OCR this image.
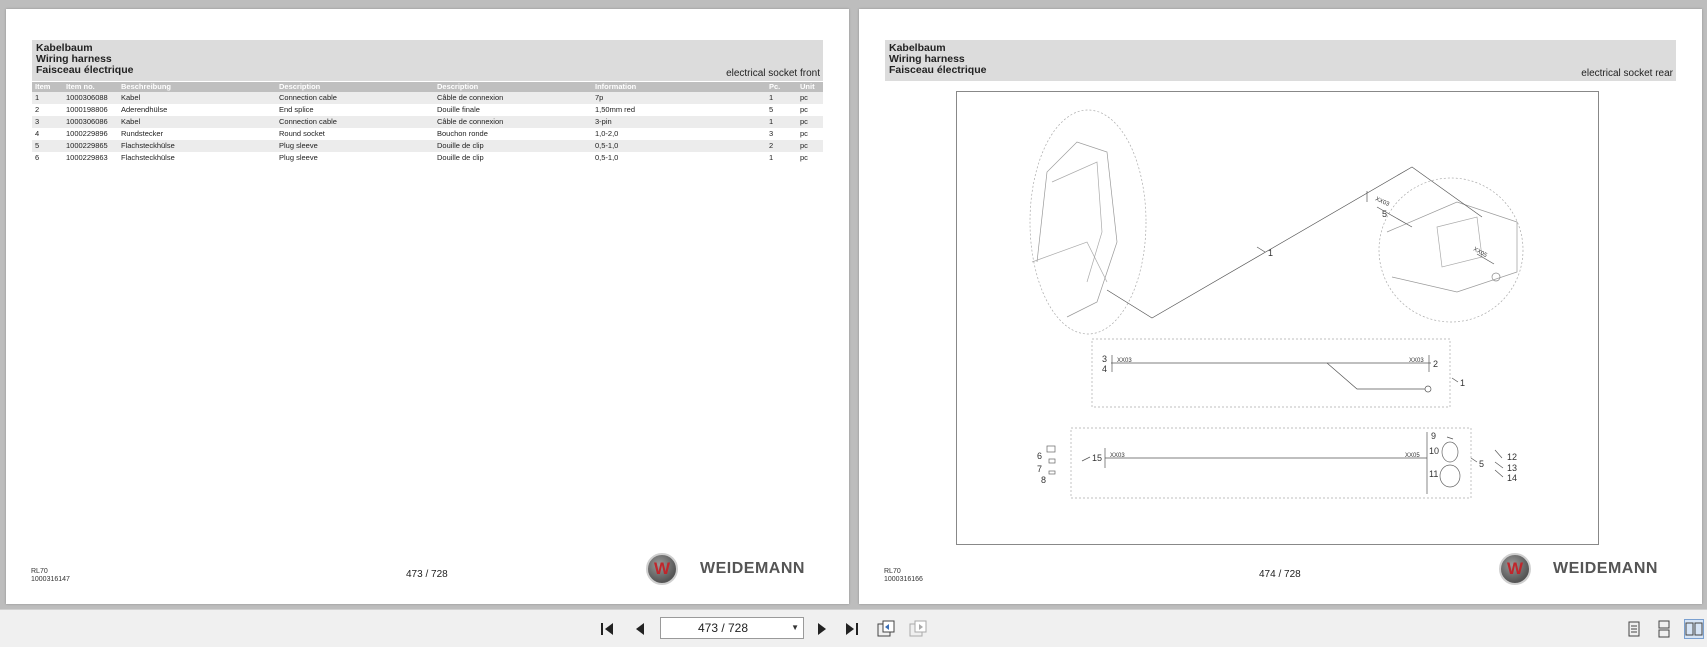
Kabelbaum
Wiring harness
Faisceau électrique	electrical socket front
Item	Item no.	Beschreibung	Description	Description	Information	Pc.	Unit
1	1000306088	Kabel	Connection cable	Câble de connexion	7p	1	pc
2	1000198806	Aderendhülse	End splice	Douille finale	1,50mm red	5	pc
3	1000306086	Kabel	Connection cable	Câble de connexion	3-pin	1	pc
4	1000229896	Rundstecker	Round socket	Bouchon ronde	1,0-2,0	3	pc
5	1000229865	Flachsteckhülse	Plug sleeve	Douille de clip	0,5-1,0	2	pc
6	1000229863	Flachsteckhülse	Plug sleeve	Douille de clip	0,5-1,0	1	pc
RL70
1000316147	473 / 728	W	WEIDEMANN
Kabelbaum
Wiring harness
Faisceau électrique	electrical socket rear
XX03
5
1	XX05
3
4
XX03	XX03 2
1
6
7
8
15 XX03	XX05
9
10
11
5
12
13
14
RL70
1000316166	474 / 728	W	WEIDEMANN
473 / 728	▼
